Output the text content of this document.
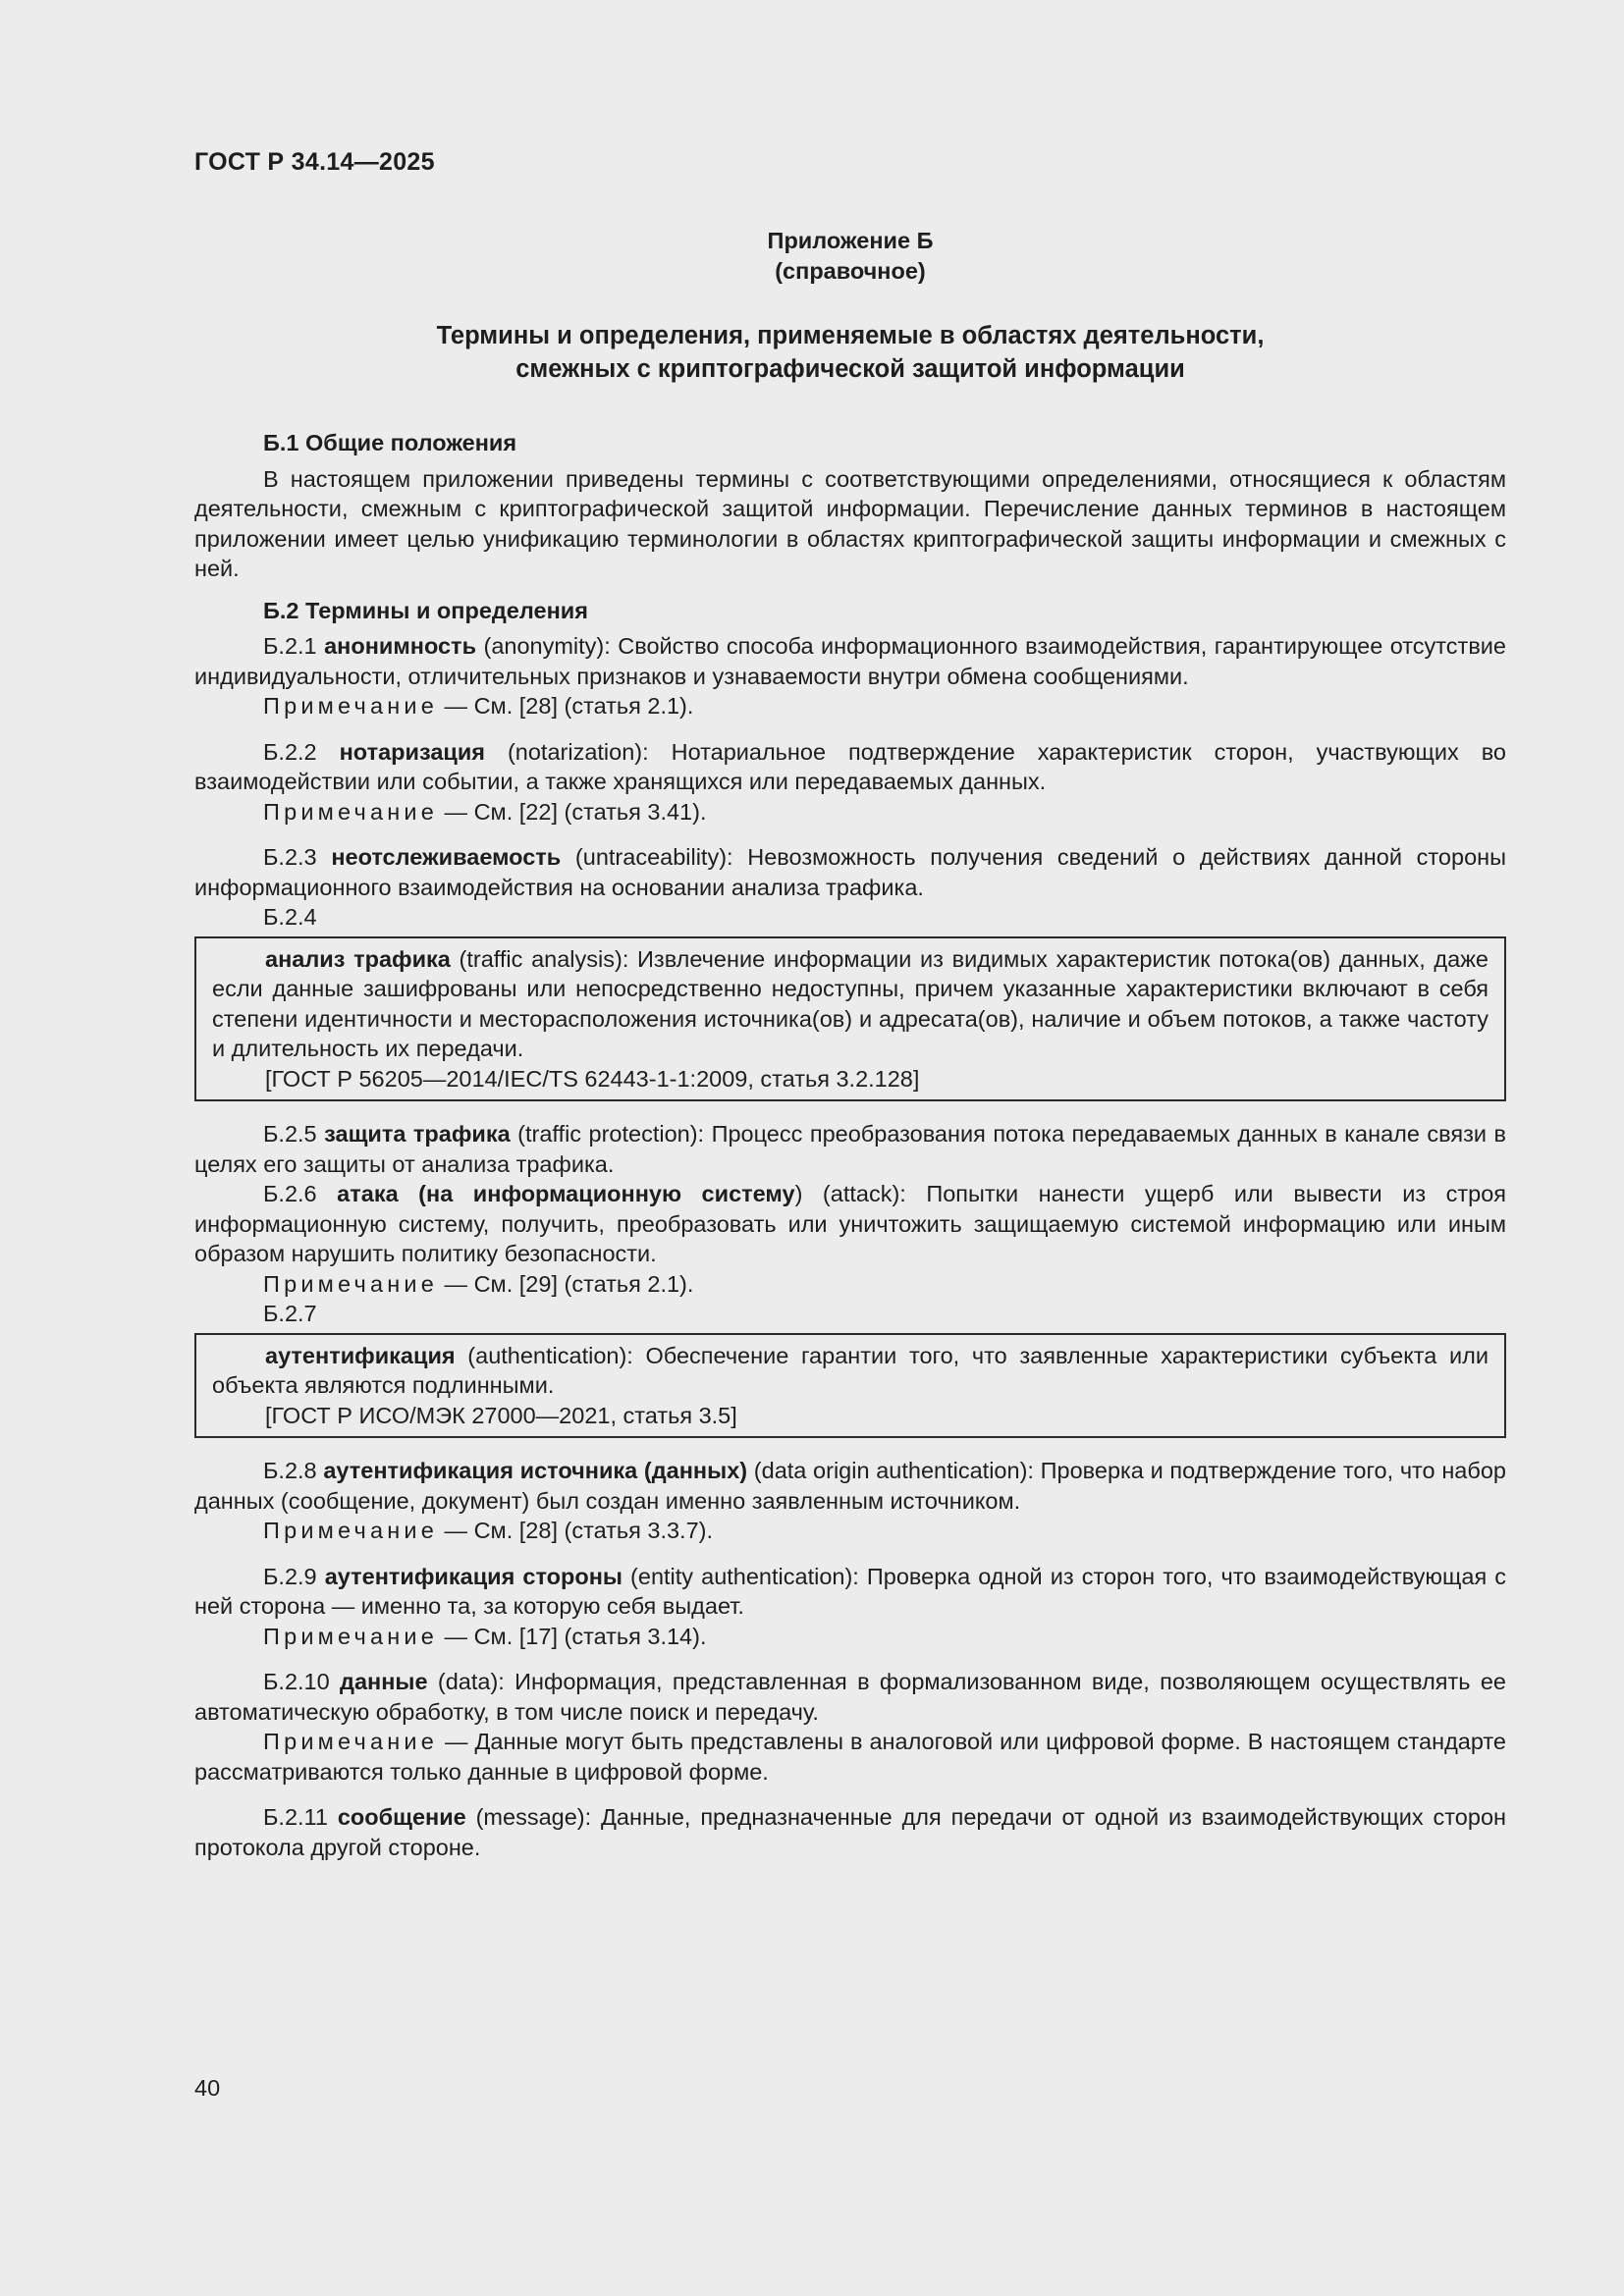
ГОСТ Р 34.14—2025
Приложение Б
(справочное)
Термины и определения, применяемые в областях деятельности,
смежных с криптографической защитой информации

Б.1 Общие положения

В настоящем приложении приведены термины с соответствующими определениями, относящиеся к областям деятельности, смежным с криптографической защитой информации. Перечисление данных терминов в настоящем приложении имеет целью унификацию терминологии в областях криптографической защиты информации и смежных с ней.

Б.2 Термины и определения

Б.2.1 анонимность (anonymity): Свойство способа информационного взаимодействия, гарантирующее отсутствие индивидуальности, отличительных признаков и узнаваемости внутри обмена сообщениями.

Примечание — См. [28] (статья 2.1).

Б.2.2 нотаризация (notarization): Нотариальное подтверждение характеристик сторон, участвующих во взаимодействии или событии, а также хранящихся или передаваемых данных.

Примечание — См. [22] (статья 3.41).

Б.2.3 неотслеживаемость (untraceability): Невозможность получения сведений о действиях данной стороны информационного взаимодействия на основании анализа трафика.

Б.2.4

анализ трафика (traffic analysis): Извлечение информации из видимых характеристик потока(ов) данных, даже если данные зашифрованы или непосредственно недоступны, причем указанные характеристики включают в себя степени идентичности и месторасположения источника(ов) и адресата(ов), наличие и объем потоков, а также частоту и длительность их передачи.

[ГОСТ Р 56205—2014/IEC/TS 62443-1-1:2009, статья 3.2.128]

Б.2.5 защита трафика (traffic protection): Процесс преобразования потока передаваемых данных в канале связи в целях его защиты от анализа трафика.

Б.2.6 атака (на информационную систему) (attack): Попытки нанести ущерб или вывести из строя информационную систему, получить, преобразовать или уничтожить защищаемую системой информацию или иным образом нарушить политику безопасности.

Примечание — См. [29] (статья 2.1).

Б.2.7

аутентификация (authentication): Обеспечение гарантии того, что заявленные характеристики субъекта или объекта являются подлинными.

[ГОСТ Р ИСО/МЭК 27000—2021, статья 3.5]

Б.2.8 аутентификация источника (данных) (data origin authentication): Проверка и подтверждение того, что набор данных (сообщение, документ) был создан именно заявленным источником.

Примечание — См. [28] (статья 3.3.7).

Б.2.9 аутентификация стороны (entity authentication): Проверка одной из сторон того, что взаимодействующая с ней сторона — именно та, за которую себя выдает.

Примечание — См. [17] (статья 3.14).

Б.2.10 данные (data): Информация, представленная в формализованном виде, позволяющем осуществлять ее автоматическую обработку, в том числе поиск и передачу.

Примечание — Данные могут быть представлены в аналоговой или цифровой форме. В настоящем стандарте рассматриваются только данные в цифровой форме.

Б.2.11 сообщение (message): Данные, предназначенные для передачи от одной из взаимодействующих сторон протокола другой стороне.

40
